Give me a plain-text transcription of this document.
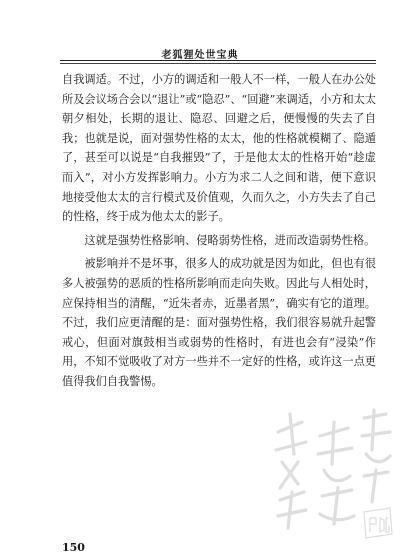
老狐狸处世宝典

自我调适。不过，小方的调适和一般人不一样，一般人在办公处所及会议场合会以“退让”或“隐忍”、“回避”来调适，小方和太太朝夕相处，长期的退让、隐忍、回避之后，便慢慢的失去了自我；也就是说，面对强势性格的太太，他的性格就模糊了、隐遁了，甚至可以说是“自我摧毁”了，于是他太太的性格开始“趁虚而入”，对小方发挥影响力。小方为求二人之间和谐，便下意识地接受他太太的言行模式及价值观，久而久之，小方失去了自己的性格，终于成为他太太的影子。

这就是强势性格影响、侵略弱势性格，进而改造弱势性格。

被影响并不是坏事，很多人的成功就是因为如此，但也有很多人被强势的恶质的性格所影响而走向失败。因此与人相处时，应保持相当的清醒，“近朱者赤，近墨者黑”，确实有它的道理。不过，我们应更清醒的是：面对强势性格，我们很容易就升起警戒心，但面对旗鼓相当或弱势的性格时，有进也会有“浸染”作用，不知不觉吸收了对方一些并不一定好的性格，或许这一点更值得我们自我警惕。

150
